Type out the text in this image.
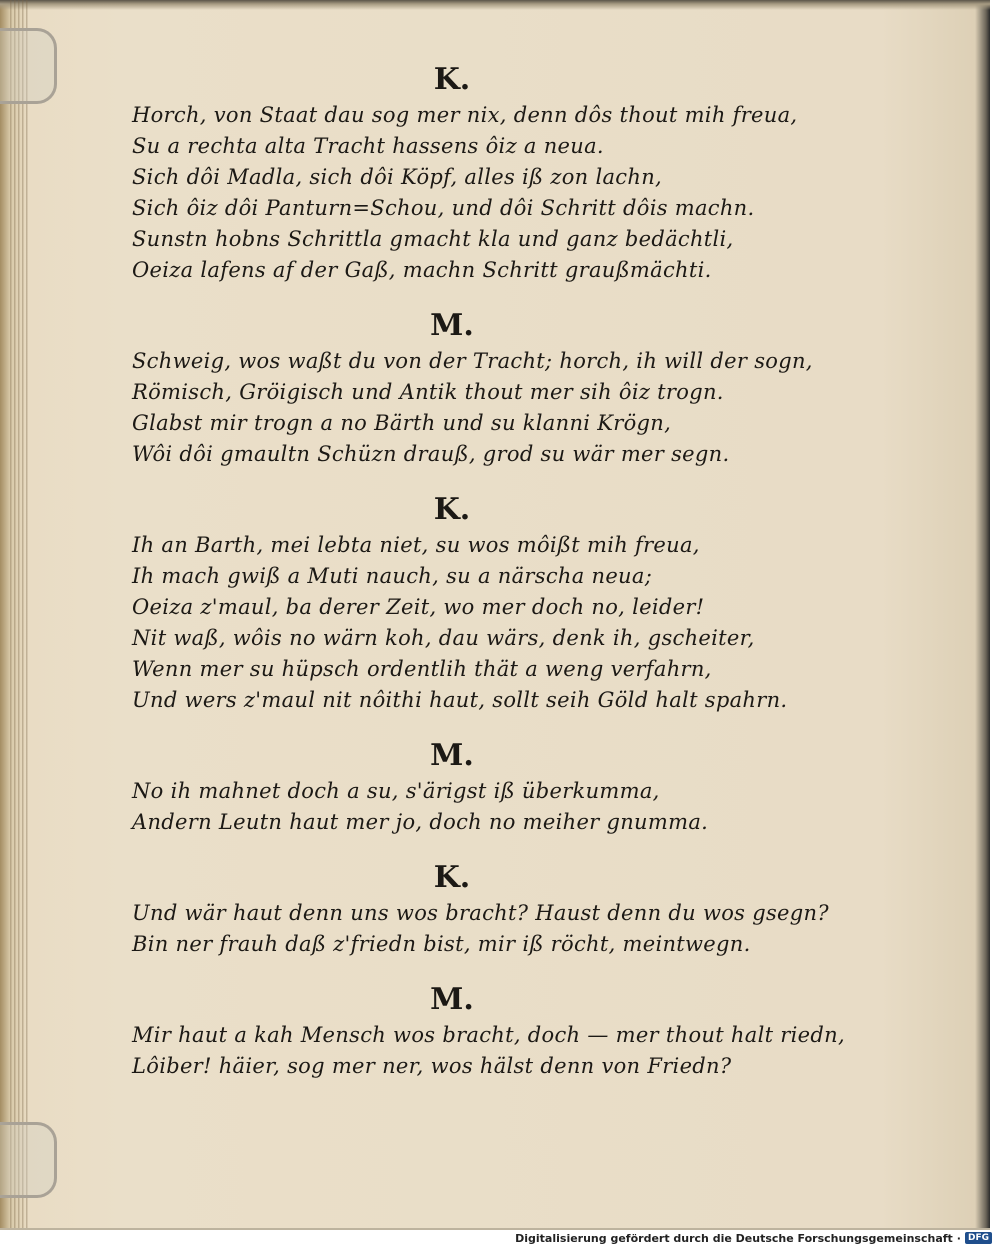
K.
Horch, von Staat dau sog mer nix, denn dôs thout mih freua,
Su a rechta alta Tracht hassens ôiz a neua.
Sich dôi Madla, sich dôi Köpf, alles iß zon lachn,
Sich ôiz dôi Panturn=Schou, und dôi Schritt dôis machn.
Sunstn hobns Schrittla gmacht kla und ganz bedächtli,
Oeiza lafens af der Gaß, machn Schritt graußmächti.
M.
Schweig, wos waßt du von der Tracht; horch, ih will der sogn,
Römisch, Gröigisch und Antik thout mer sih ôiz trogn.
Glabst mir trogn a no Bärth und su klanni Krögn,
Wôi dôi gmaultn Schüzn drauß, grod su wär mer segn.
K.
Ih an Barth, mei lebta niet, su wos môißt mih freua,
Ih mach gwiß a Muti nauch, su a närscha neua;
Oeiza z'maul, ba derer Zeit, wo mer doch no, leider!
Nit waß, wôis no wärn koh, dau wärs, denk ih, gscheiter,
Wenn mer su hüpsch ordentlih thät a weng verfahrn,
Und wers z'maul nit nôithi haut, sollt seih Göld halt spahrn.
M.
No ih mahnet doch a su, s'ärigst iß überkumma,
Andern Leutn haut mer jo, doch no meiher gnumma.
K.
Und wär haut denn uns wos bracht? Haust denn du wos gsegn?
Bin ner frauh daß z'friedn bist, mir iß röcht, meintwegn.
M.
Mir haut a kah Mensch wos bracht, doch — mer thout halt riedn,
Lôiber! häier, sog mer ner, wos hälst denn von Friedn?
Digitalisierung gefördert durch die Deutsche Forschungsgemeinschaft · DFG
